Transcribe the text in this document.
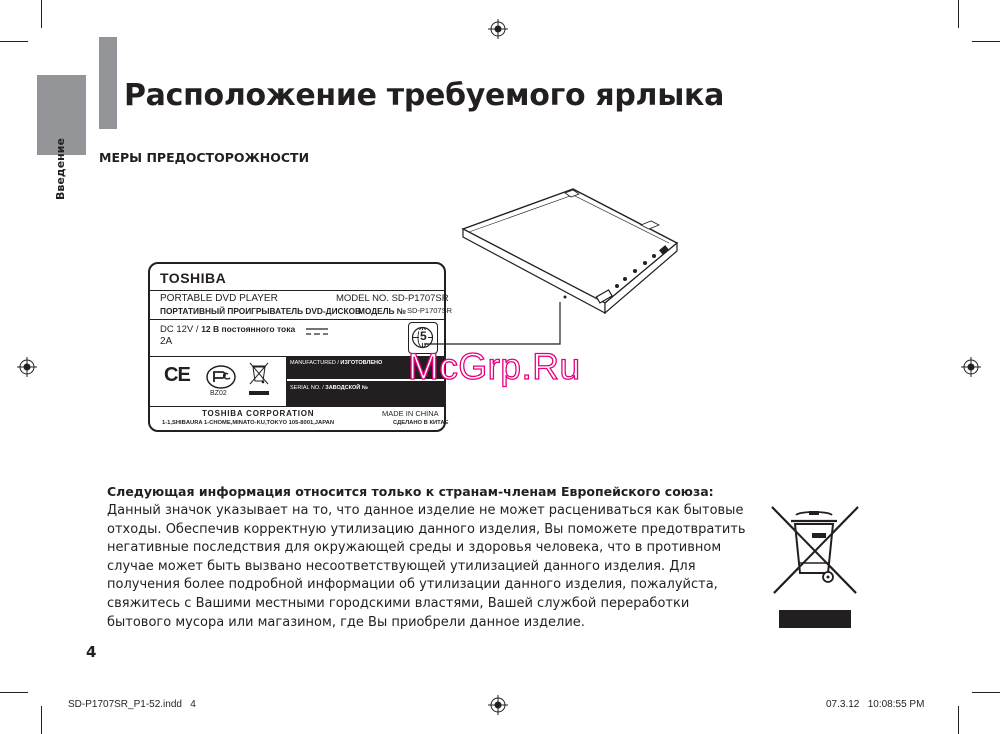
Введение
Расположение требуемого ярлыка
МЕРЫ ПРЕДОСТОРОЖНОСТИ
TOSHIBA
PORTABLE DVD PLAYER	MODEL NO. SD-P1707SR
ПОРТАТИВНЫЙ ПРОИГРЫВАТЕЛЬ DVD-ДИСКОВ
МОДЕЛЬ № SD-P1707SR
DC 12V / 12 В постоянного тока
2A	5
CE
BZ02
MANUFACTURED / ИЗГОТОВЛЕНО
SERIAL NO. / ЗАВОДСКОЙ №
TOSHIBA CORPORATION	MADE IN CHINA
1-1,SHIBAURA 1-CHOME,MINATO-KU,TOKYO 105-8001,JAPAN	СДЕЛАНО В КИТАЕ
McGrp.Ru
Следующая информация относится только к странам-членам Европейского союза:
Данный значок указывает на то, что данное изделие не может расцениваться как бытовые
отходы. Обеспечив корректную утилизацию данного изделия, Вы поможете предотвратить
негативные последствия для окружающей среды и здоровья человека, что в противном
случае может быть вызвано несоответствующей утилизацией данного изделия. Для
получения более подробной информации об утилизации данного изделия, пожалуйста,
свяжитесь с Вашими местными городскими властями, Вашей службой переработки
бытового мусора или магазином, где Вы приобрели данное изделие.
4
SD-P1707SR_P1-52.indd   4	07.3.12   10:08:55 PM
